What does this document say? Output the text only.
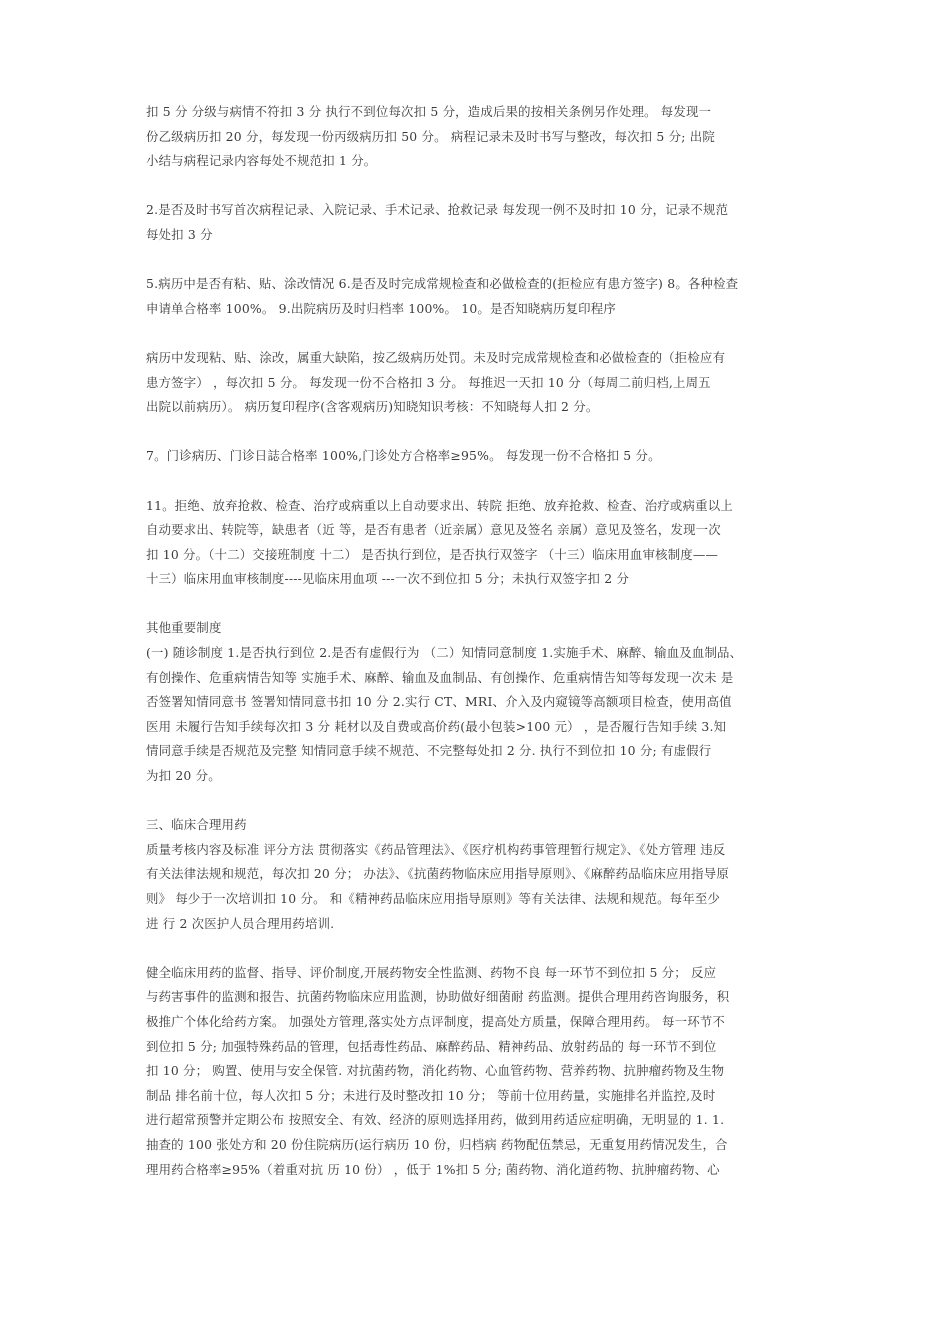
扣 5 分 分级与病情不符扣 3 分 执行不到位每次扣 5 分，造成后果的按相关条例另作处理。 每发现一
份乙级病历扣 20 分，每发现一份丙级病历扣 50 分。 病程记录未及时书写与整改，每次扣 5 分; 出院
小结与病程记录内容每处不规范扣 1 分。
2.是否及时书写首次病程记录、入院记录、手术记录、抢救记录 每发现一例不及时扣 10 分，记录不规范
每处扣 3 分
5.病历中是否有粘、贴、涂改情况 6.是否及时完成常规检查和必做检查的(拒检应有患方签字) 8。各种检查
申请单合格率 100%。 9.出院病历及时归档率 100%。 10。是否知晓病历复印程序
病历中发现粘、贴、涂改，属重大缺陷，按乙级病历处罚。未及时完成常规检查和必做检查的（拒检应有
患方签字） ，每次扣 5 分。 每发现一份不合格扣 3 分。 每推迟一天扣 10 分（每周二前归档,上周五
出院以前病历）。 病历复印程序(含客观病历)知晓知识考核：不知晓每人扣 2 分。
7。门诊病历、门诊日誌合格率 100%,门诊处方合格率≥95%。 每发现一份不合格扣 5 分。
11。拒绝、放弃抢救、检查、治疗或病重以上自动要求出、转院 拒绝、放弃抢救、检查、治疗或病重以上
自动要求出、转院等，缺患者（近 等，是否有患者（近亲属）意见及签名 亲属）意见及签名，发现一次
扣 10 分。（十二）交接班制度 十二） 是否执行到位，是否执行双签字 （十三）临床用血审核制度——
十三）临床用血审核制度----见临床用血项 ---一次不到位扣 5 分；未执行双签字扣 2 分
其他重要制度
(一) 随诊制度 1.是否执行到位 2.是否有虚假行为 （二）知情同意制度 1.实施手术、麻醉、输血及血制品、
有创操作、危重病情告知等 实施手术、麻醉、输血及血制品、有创操作、危重病情告知等每发现一次未 是
否签署知情同意书 签署知情同意书扣 10 分 2.实行 CT、MRI、介入及内窥镜等高额项目检查，使用高值
医用 未履行告知手续每次扣 3 分 耗材以及自费或高价药(最小包装>100 元） ，是否履行告知手续 3.知
情同意手续是否规范及完整 知情同意手续不规范、不完整每处扣 2 分. 执行不到位扣 10 分; 有虚假行
为扣 20 分。
三、临床合理用药
质量考核内容及标准 评分方法 贯彻落实《药品管理法》、《医疗机构药事管理暂行规定》、《处方管理 违反
有关法律法规和规范，每次扣 20 分； 办法》、《抗菌药物临床应用指导原则》、《麻醉药品临床应用指导原
则》 每少于一次培训扣 10 分。 和《精神药品临床应用指导原则》等有关法律、法规和规范。每年至少
进 行 2 次医护人员合理用药培训.
健全临床用药的监督、指导、评价制度,开展药物安全性监测、药物不良 每一环节不到位扣 5 分； 反应
与药害事件的监测和报告、抗菌药物临床应用监测，协助做好细菌耐 药监测。提供合理用药咨询服务，积
极推广个体化给药方案。 加强处方管理,落实处方点评制度，提高处方质量，保障合理用药。 每一环节不
到位扣 5 分; 加强特殊药品的管理，包括毒性药品、麻醉药品、精神药品、放射药品的 每一环节不到位
扣 10 分； 购置、使用与安全保管. 对抗菌药物，消化药物、心血管药物、营养药物、抗肿瘤药物及生物
制品 排名前十位，每人次扣 5 分；未进行及时整改扣 10 分； 等前十位用药量，实施排名并监控,及时
进行超常预警并定期公布 按照安全、有效、经济的原则选择用药，做到用药适应症明确，无明显的 1. 1.
抽查的 100 张处方和 20 份住院病历(运行病历 10 份，归档病 药物配伍禁忌，无重复用药情况发生，合
理用药合格率≥95%（着重对抗 历 10 份） ，低于 1%扣 5 分; 菌药物、消化道药物、抗肿瘤药物、心
